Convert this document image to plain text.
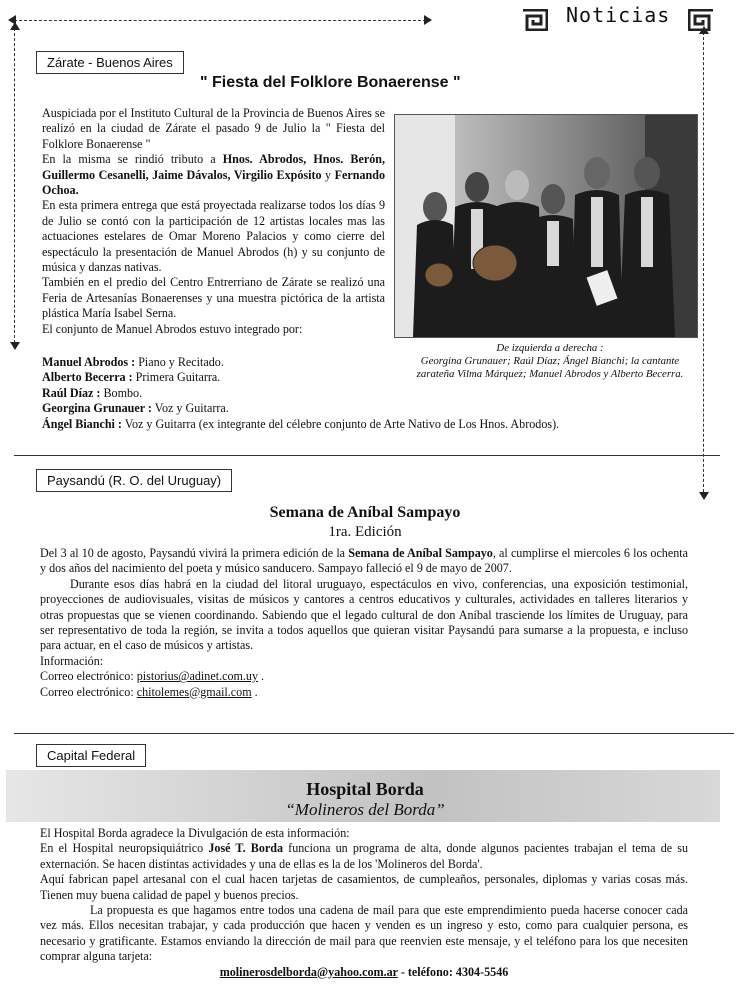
Noticias
Zárate - Buenos Aires
" Fiesta del Folklore Bonaerense "

Auspiciada por el Instituto Cultural de la Provincia de Buenos Aires se realizó en la ciudad de Zárate el pasado 9 de Julio la " Fiesta del Folklore Bonaerense "

En la misma se rindió tributo a Hnos. Abrodos, Hnos. Berón, Guillermo Cesanelli, Jaime Dávalos, Virgilio Expósito y Fernando Ochoa.

En esta primera entrega que está proyectada realizarse todos los días 9 de Julio se contó con la participación de 12 artistas locales mas las actuaciones estelares de Omar Moreno Palacios y como cierre del espectáculo la presentación de Manuel Abrodos (h) y su conjunto de música y danzas nativas.

También en el predio del Centro Entrerriano de Zárate se realizó una Feria de Artesanías Bonaerenses y una muestra pictórica de la artista plástica María Isabel Serna.

El conjunto de Manuel Abrodos estuvo integrado por:

Manuel Abrodos : Piano y Recitado.

Alberto Becerra : Primera Guitarra.

Raúl Díaz : Bombo.

Georgina Grunauer : Voz y Guitarra.

Ángel Bianchi : Voz y Guitarra (ex integrante del célebre conjunto de Arte Nativo de Los Hnos. Abrodos).

De izquierda a derecha :
Georgina Grunauer; Raúl Díaz; Ángel Bianchi; la cantante
zarateña Vilma Márquez; Manuel Abrodos y Alberto Becerra.
Paysandú (R. O. del Uruguay)
Semana de Aníbal Sampayo
1ra. Edición

Del 3 al 10 de agosto, Paysandú vivirá la primera edición de la Semana de Aníbal Sampayo, al cumplirse el miercoles 6 los ochenta y dos años del nacimiento del poeta y músico sanducero. Sampayo falleció el 9 de mayo de 2007.

Durante esos días habrá en la ciudad del litoral uruguayo, espectáculos en vivo, conferencias, una exposición testimonial, proyecciones de audiovisuales, visitas de músicos y cantores a centros educativos y culturales, actividades en talleres literarios y otras propuestas que se vienen coordinando. Sabiendo que el legado cultural de don Aníbal trasciende los límites de Uruguay, para ser representativo de toda la región, se invita a todos aquellos que quieran visitar Paysandú para sumarse a la propuesta, e incluso para actuar, en el caso de músicos y artistas.

Información:

Correo electrónico: pistorius@adinet.com.uy .

Correo electrónico: chitolemes@gmail.com .

Capital Federal
Hospital Borda
“Molineros del Borda”

El Hospital Borda agradece la Divulgación de esta información:

En el Hospital neuropsiquiátrico José T. Borda funciona un programa de alta, donde algunos pacientes trabajan el tema de su externación. Se hacen distintas actividades y una de ellas es la de los 'Molineros del Borda'.

Aquí fabrican papel artesanal con el cual hacen tarjetas de casamientos, de cumpleaños, personales, diplomas y varias cosas más. Tienen muy buena calidad de papel y buenos precios.

La propuesta es que hagamos entre todos una cadena de mail para que este emprendimiento pueda hacerse conocer cada vez más. Ellos necesitan trabajar, y cada producción que hacen y venden es un ingreso y esto, como para cualquier persona, es necesario y gratificante. Estamos enviando la dirección de mail para que reenvien este mensaje, y el teléfono para los que necesiten comprar alguna tarjeta:

molinerosdelborda@yahoo.com.ar - teléfono: 4304-5546
